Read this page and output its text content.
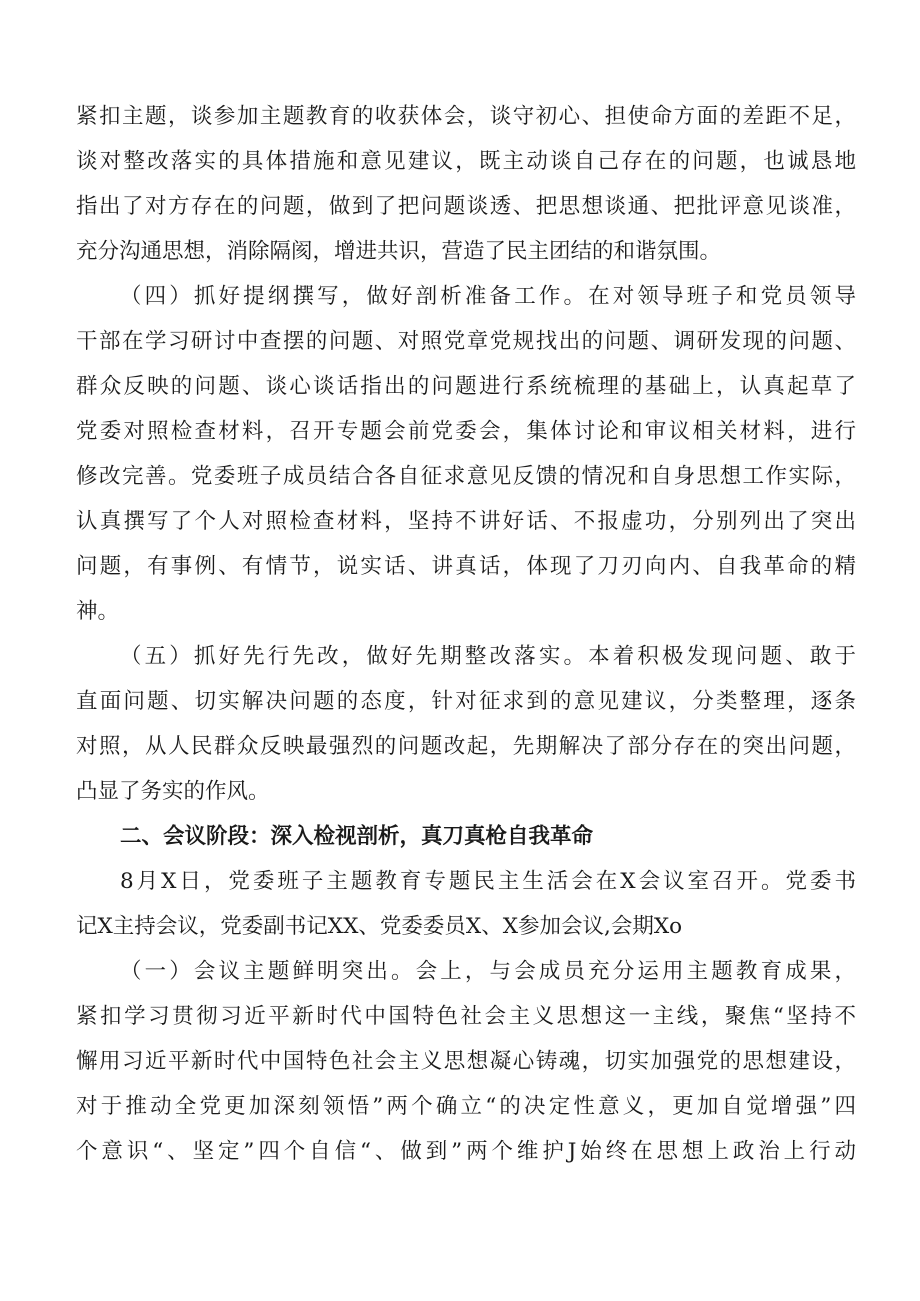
紧扣主题，谈参加主题教育的收获体会，谈守初心、担使命方面的差距不足，
谈对整改落实的具体措施和意见建议，既主动谈自己存在的问题，也诚恳地
指出了对方存在的问题，做到了把问题谈透、把思想谈通、把批评意见谈准，
充分沟通思想，消除隔阂，增进共识，营造了民主团结的和谐氛围。
（四）抓好提纲撰写，做好剖析准备工作。在对领导班子和党员领导
干部在学习研讨中查摆的问题、对照党章党规找出的问题、调研发现的问题、
群众反映的问题、谈心谈话指出的问题进行系统梳理的基础上，认真起草了
党委对照检查材料，召开专题会前党委会，集体讨论和审议相关材料，进行
修改完善。党委班子成员结合各自征求意见反馈的情况和自身思想工作实际，
认真撰写了个人对照检查材料，坚持不讲好话、不报虚功，分别列出了突出
问题，有事例、有情节，说实话、讲真话，体现了刀刃向内、自我革命的精
神。
（五）抓好先行先改，做好先期整改落实。本着积极发现问题、敢于
直面问题、切实解决问题的态度，针对征求到的意见建议，分类整理，逐条
对照，从人民群众反映最强烈的问题改起，先期解决了部分存在的突出问题，
凸显了务实的作风。
二、会议阶段：深入检视剖析，真刀真枪自我革命
8月X日，党委班子主题教育专题民主生活会在X会议室召开。党委书
记X主持会议，党委副书记XX、党委委员X、X参加会议,会期Xo
（一）会议主题鲜明突出。会上，与会成员充分运用主题教育成果，
紧扣学习贯彻习近平新时代中国特色社会主义思想这一主线，聚焦“坚持不
懈用习近平新时代中国特色社会主义思想凝心铸魂，切实加强党的思想建设，
对于推动全党更加深刻领悟”两个确立“的决定性意义，更加自觉增强”四
个意识“、坚定”四个自信“、做到”两个维护J始终在思想上政治上行动
